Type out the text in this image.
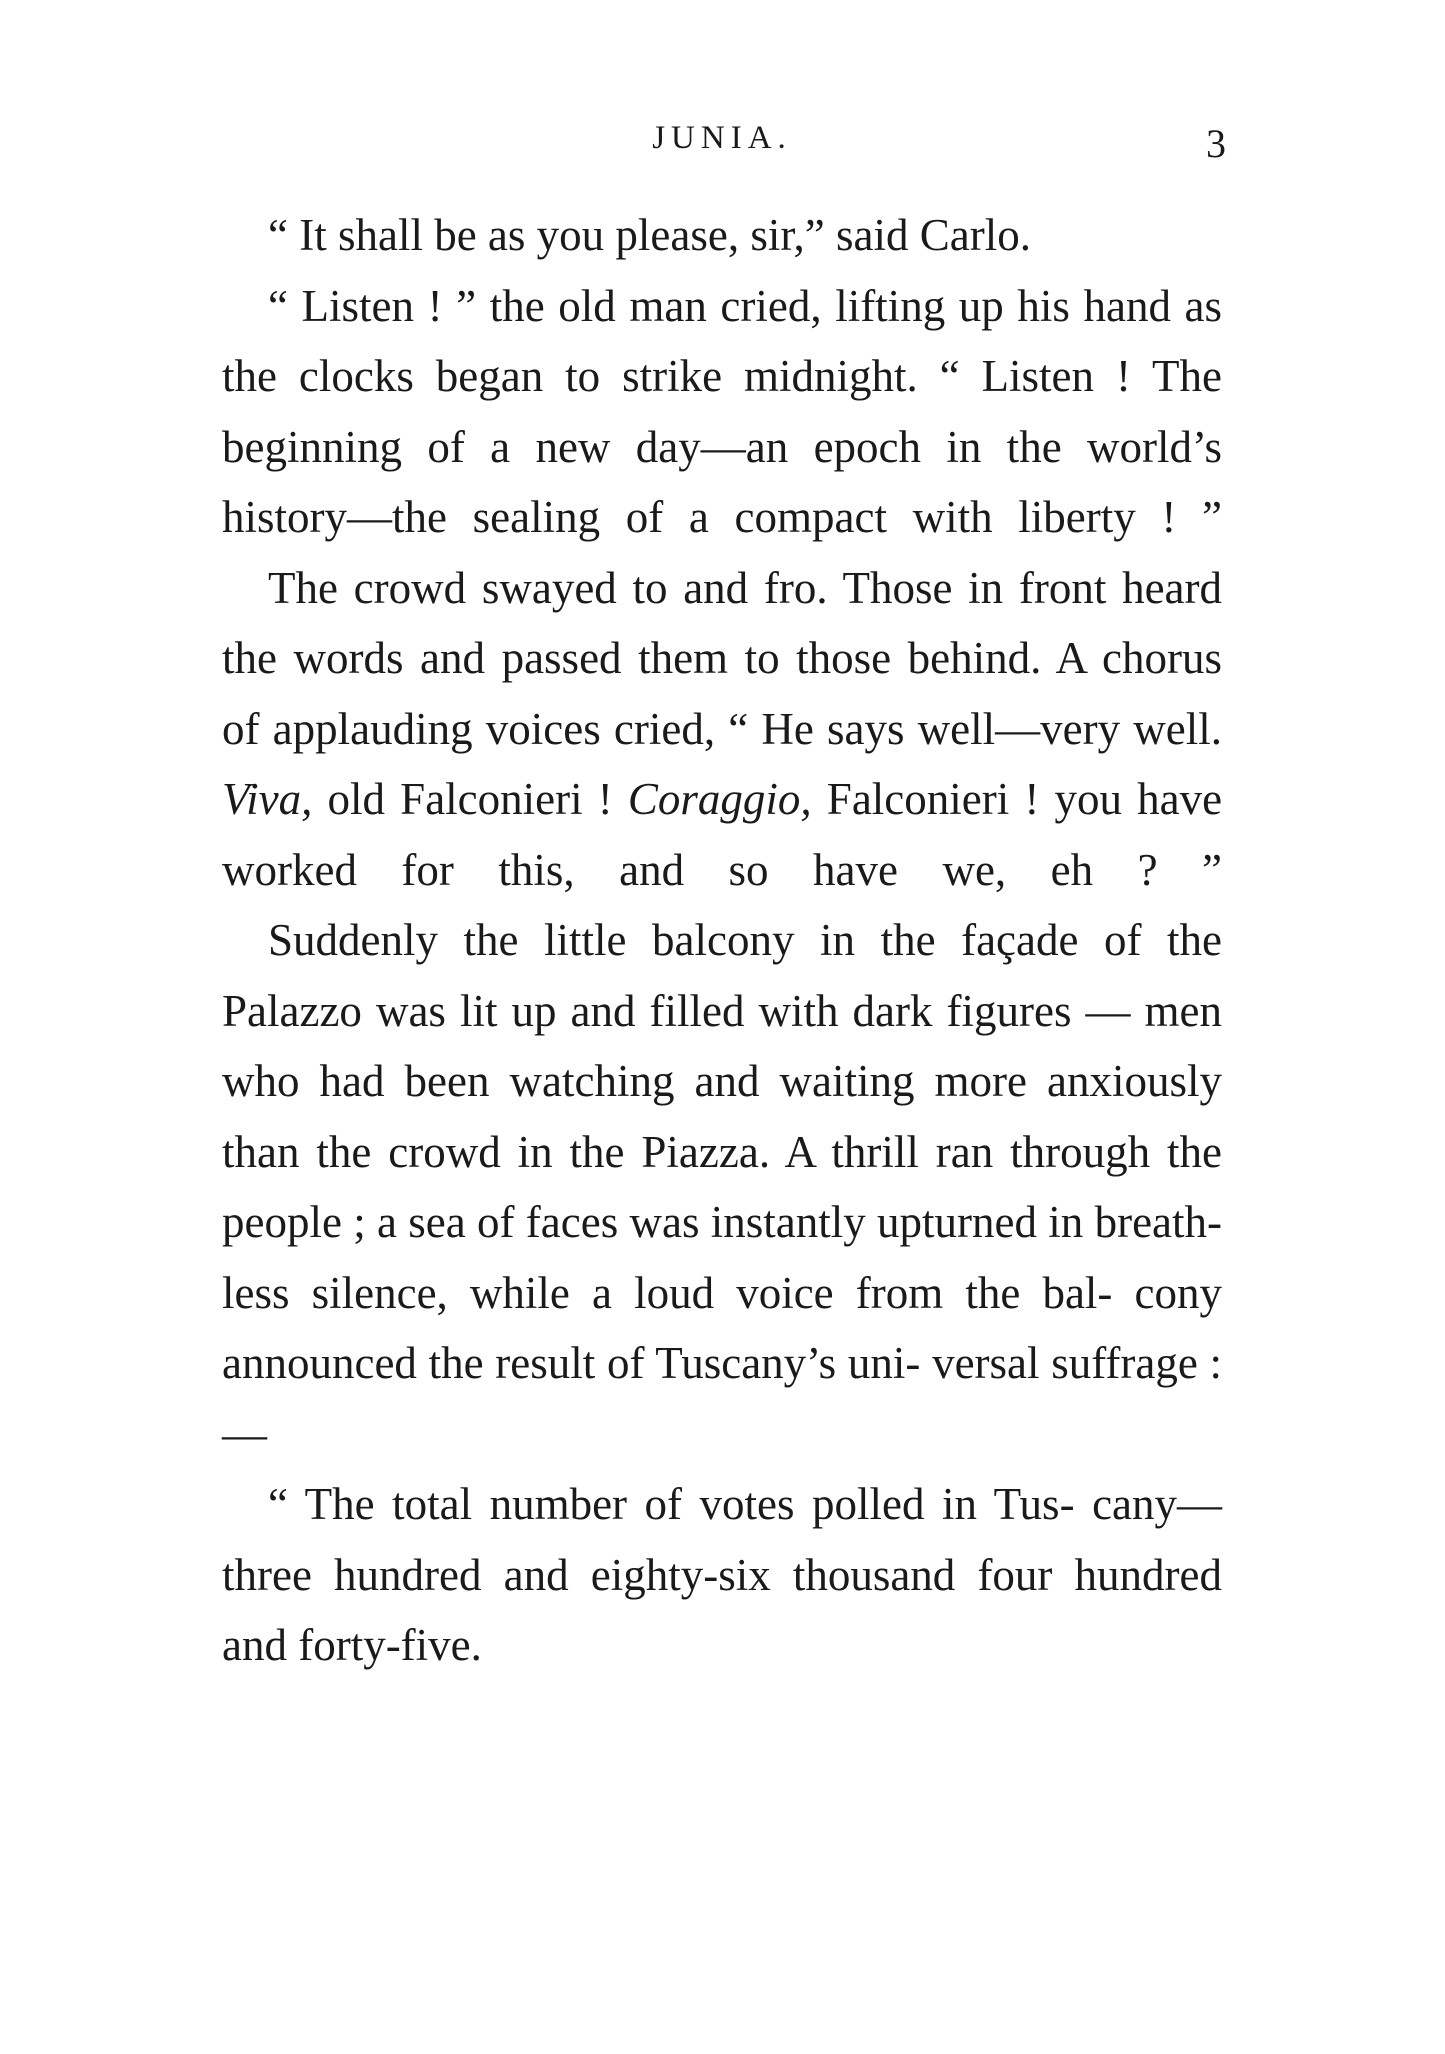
JUNIA.	3

“ It shall be as you please, sir,” said Carlo.

“ Listen ! ” the old man cried, lifting up his hand as the clocks began to strike midnight. “ Listen ! The beginning of a new day—an epoch in the world’s history—the sealing of a compact with liberty ! ”

The crowd swayed to and fro. Those in front heard the words and passed them to those behind. A chorus of applauding voices cried, “ He says well—very well. Viva, old Falconieri ! Coraggio, Falconieri ! you have worked for this, and so have we, eh ? ”

Suddenly the little balcony in the façade of the Palazzo was lit up and filled with dark figures — men who had been watching and waiting more anxiously than the crowd in the Piazza. A thrill ran through the people ; a sea of faces was instantly upturned in breath- less silence, while a loud voice from the bal- cony announced the result of Tuscany’s uni- versal suffrage :—

“ The total number of votes polled in Tus- cany—three hundred and eighty-six thousand four hundred and forty-five.
